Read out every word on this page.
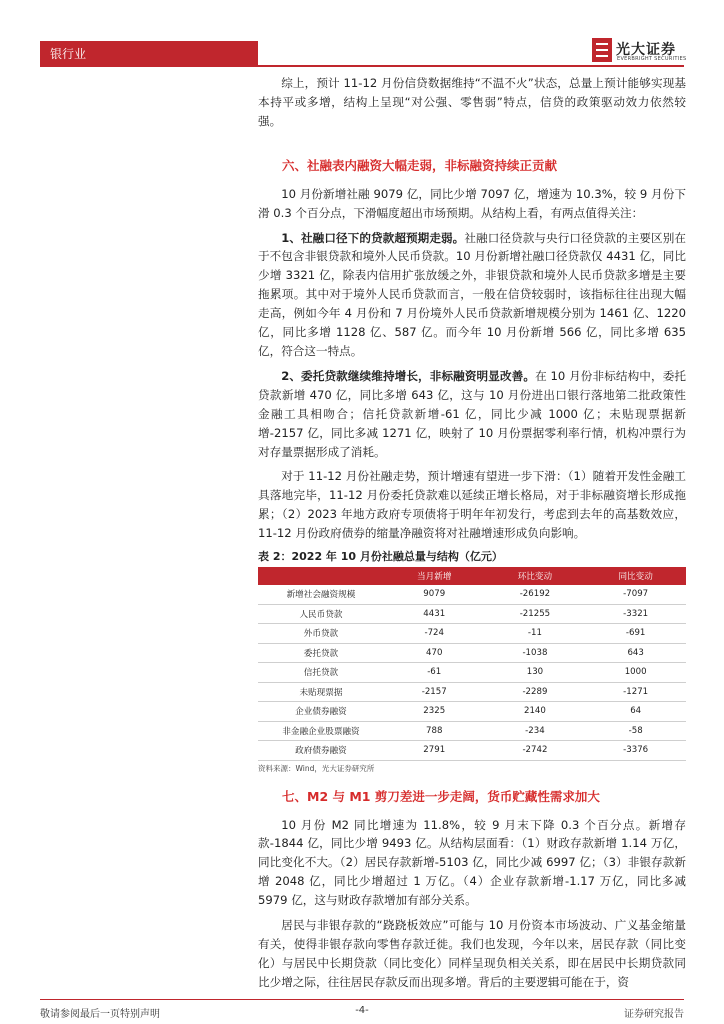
银行业	光大证券
EVERBRIGHT SECURITIES

综上，预计 11-12 月份信贷数据维持“不温不火”状态，总量上预计能够实现基本持平或多增，结构上呈现“对公强、零售弱”特点，信贷的政策驱动效力依然较强。

六、社融表内融资大幅走弱，非标融资持续正贡献

10 月份新增社融 9079 亿，同比少增 7097 亿，增速为 10.3%，较 9 月份下滑 0.3 个百分点，下滑幅度超出市场预期。从结构上看，有两点值得关注：

1、社融口径下的贷款超预期走弱。社融口径贷款与央行口径贷款的主要区别在于不包含非银贷款和境外人民币贷款。10 月份新增社融口径贷款仅 4431 亿，同比少增 3321 亿，除表内信用扩张放缓之外，非银贷款和境外人民币贷款多增是主要拖累项。其中对于境外人民币贷款而言，一般在信贷较弱时，该指标往往出现大幅走高，例如今年 4 月份和 7 月份境外人民币贷款新增规模分别为 1461 亿、1220 亿，同比多增 1128 亿、587 亿。而今年 10 月份新增 566 亿，同比多增 635 亿，符合这一特点。

2、委托贷款继续维持增长，非标融资明显改善。在 10 月份非标结构中，委托贷款新增 470 亿，同比多增 643 亿，这与 10 月份进出口银行落地第二批政策性金融工具相吻合；信托贷款新增-61 亿，同比少减 1000 亿；未贴现票据新增-2157 亿，同比多减 1271 亿，映射了 10 月份票据零利率行情，机构冲票行为对存量票据形成了消耗。

对于 11-12 月份社融走势，预计增速有望进一步下滑：（1）随着开发性金融工具落地完毕，11-12 月份委托贷款难以延续正增长格局，对于非标融资增长形成拖累；（2）2023 年地方政府专项债将于明年年初发行，考虑到去年的高基数效应，11-12 月份政府债券的缩量净融资将对社融增速形成负向影响。

表 2：2022 年 10 月份社融总量与结构（亿元）
	当月新增	环比变动	同比变动
新增社会融资规模	9079	-26192	-7097
人民币贷款	4431	-21255	-3321
外币贷款	-724	-11	-691
委托贷款	470	-1038	643
信托贷款	-61	130	1000
未贴现票据	-2157	-2289	-1271
企业债券融资	2325	2140	64
非金融企业股票融资	788	-234	-58
政府债券融资	2791	-2742	-3376
资料来源：Wind，光大证券研究所
七、M2 与 M1 剪刀差进一步走阔，货币贮藏性需求加大

10 月份 M2 同比增速为 11.8%，较 9 月末下降 0.3 个百分点。新增存款-1844 亿，同比少增 9493 亿。从结构层面看：（1）财政存款新增 1.14 万亿，同比变化不大。（2）居民存款新增-5103 亿，同比少减 6997 亿；（3）非银存款新增 2048 亿，同比少增超过 1 万亿。（4）企业存款新增-1.17 万亿，同比多减 5979 亿，这与财政存款增加有部分关系。

居民与非银存款的“跷跷板效应”可能与 10 月份资本市场波动、广义基金缩量有关，使得非银存款向零售存款迁徙。我们也发现，今年以来，居民存款（同比变化）与居民中长期贷款（同比变化）同样呈现负相关关系，即在居民中长期贷款同比少增之际，往往居民存款反而出现多增。背后的主要逻辑可能在于，资

敬请参阅最后一页特别声明	-4-	证券研究报告
